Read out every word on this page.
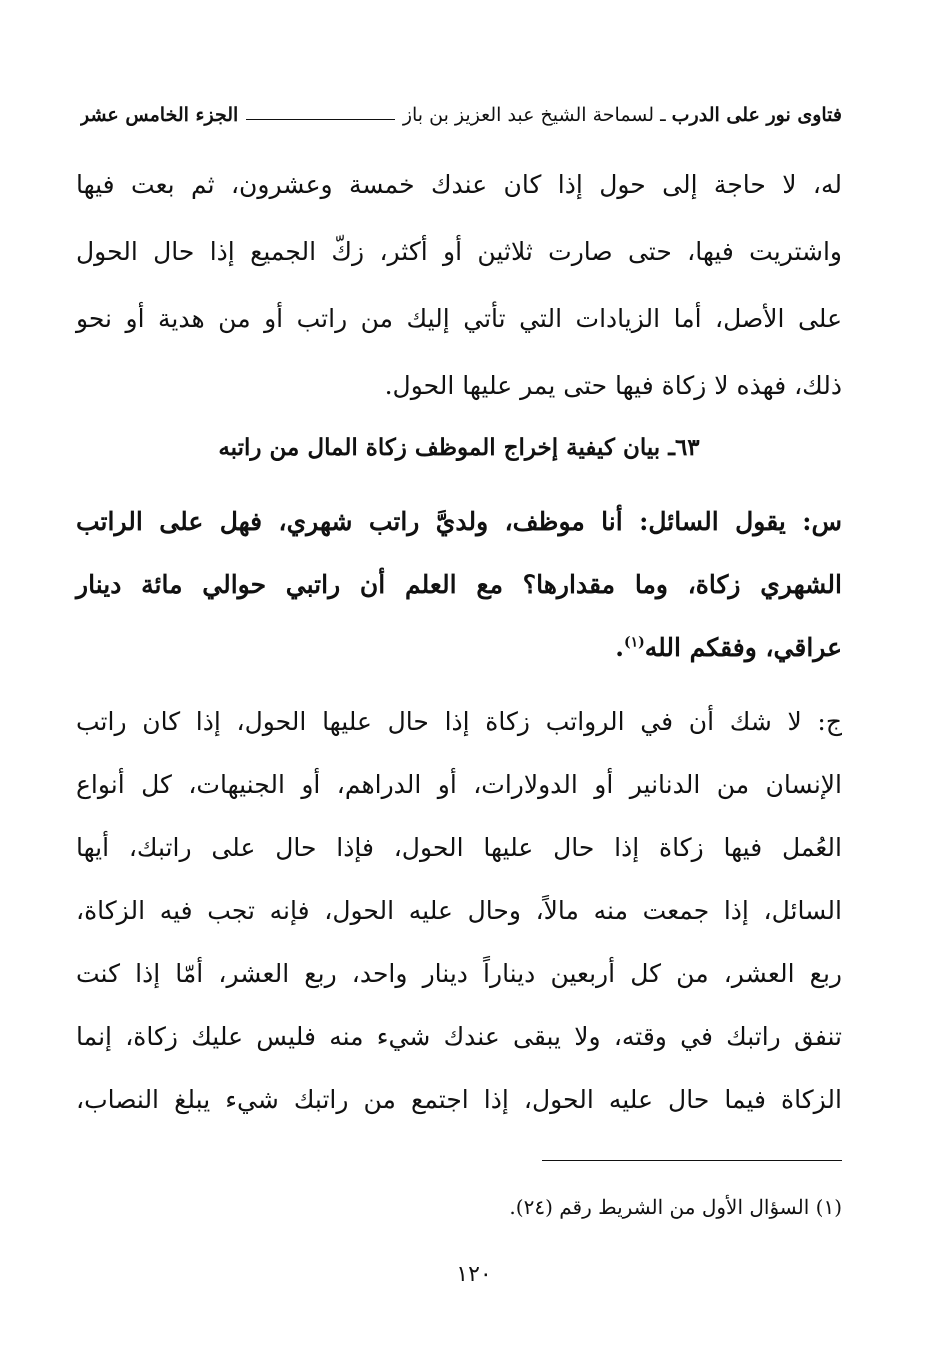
فتاوى نور على الدرب
ـ لسماحة الشيخ عبد العزيز بن باز
الجزء الخامس عشر
له، لا حاجة إلى حول إذا كان عندك خمسة وعشرون، ثم بعت فيها
واشتريت فيها، حتى صارت ثلاثين أو أكثر، زكّ الجميع إذا حال الحول
على الأصل، أما الزيادات التي تأتي إليك من راتب أو من هدية أو نحو
ذلك، فهذه لا زكاة فيها حتى يمر عليها الحول.
٦٣ـ بيان كيفية إخراج الموظف زكاة المال من راتبه
س: يقول السائل: أنا موظف، ولديَّ راتب شهري، فهل على الراتب
الشهري زكاة، وما مقدارها؟ مع العلم أن راتبي حوالي مائة دينار
عراقي، وفقكم الله$^{(١)}$.
ج: لا شك أن في الرواتب زكاة إذا حال عليها الحول، إذا كان راتب
الإنسان من الدنانير أو الدولارات، أو الدراهم، أو الجنيهات، كل أنواع
العُمل فيها زكاة إذا حال عليها الحول، فإذا حال على راتبك، أيها
السائل، إذا جمعت منه مالاً، وحال عليه الحول، فإنه تجب فيه الزكاة،
ربع العشر، من كل أربعين ديناراً دينار واحد، ربع العشر، أمّا إذا كنت
تنفق راتبك في وقته، ولا يبقى عندك شيء منه فليس عليك زكاة، إنما
الزكاة فيما حال عليه الحول، إذا اجتمع من راتبك شيء يبلغ النصاب،
(١) السؤال الأول من الشريط رقم (٢٤).
١٢٠
